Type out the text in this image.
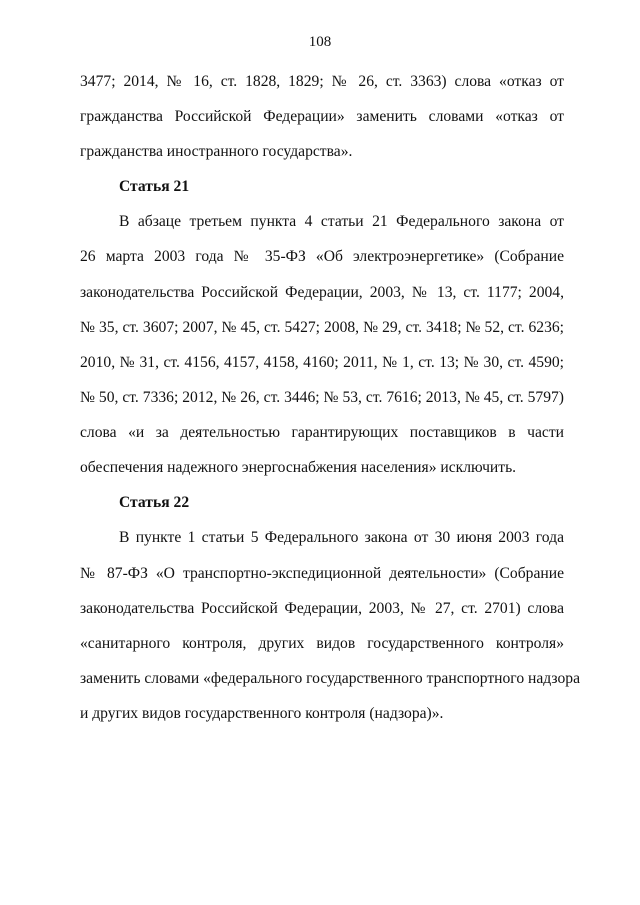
108
3477; 2014, № 16, ст. 1828, 1829; № 26, ст. 3363) слова «отказ от
гражданства Российской Федерации» заменить словами «отказ от
гражданства иностранного государства».
Статья 21
В абзаце третьем пункта 4 статьи 21 Федерального закона от
26 марта 2003 года № 35-ФЗ «Об электроэнергетике» (Собрание
законодательства Российской Федерации, 2003, № 13, ст. 1177; 2004,
№ 35, ст. 3607; 2007, № 45, ст. 5427; 2008, № 29, ст. 3418; № 52, ст. 6236;
2010, № 31, ст. 4156, 4157, 4158, 4160; 2011, № 1, ст. 13; № 30, ст. 4590;
№ 50, ст. 7336; 2012, № 26, ст. 3446; № 53, ст. 7616; 2013, № 45, ст. 5797)
слова «и за деятельностью гарантирующих поставщиков в части
обеспечения надежного энергоснабжения населения» исключить.
Статья 22
В пункте 1 статьи 5 Федерального закона от 30 июня 2003 года
№ 87-ФЗ «О транспортно-экспедиционной деятельности» (Собрание
законодательства Российской Федерации, 2003, № 27, ст. 2701) слова
«санитарного контроля, других видов государственного контроля»
заменить словами «федерального государственного транспортного надзора
и других видов государственного контроля (надзора)».
